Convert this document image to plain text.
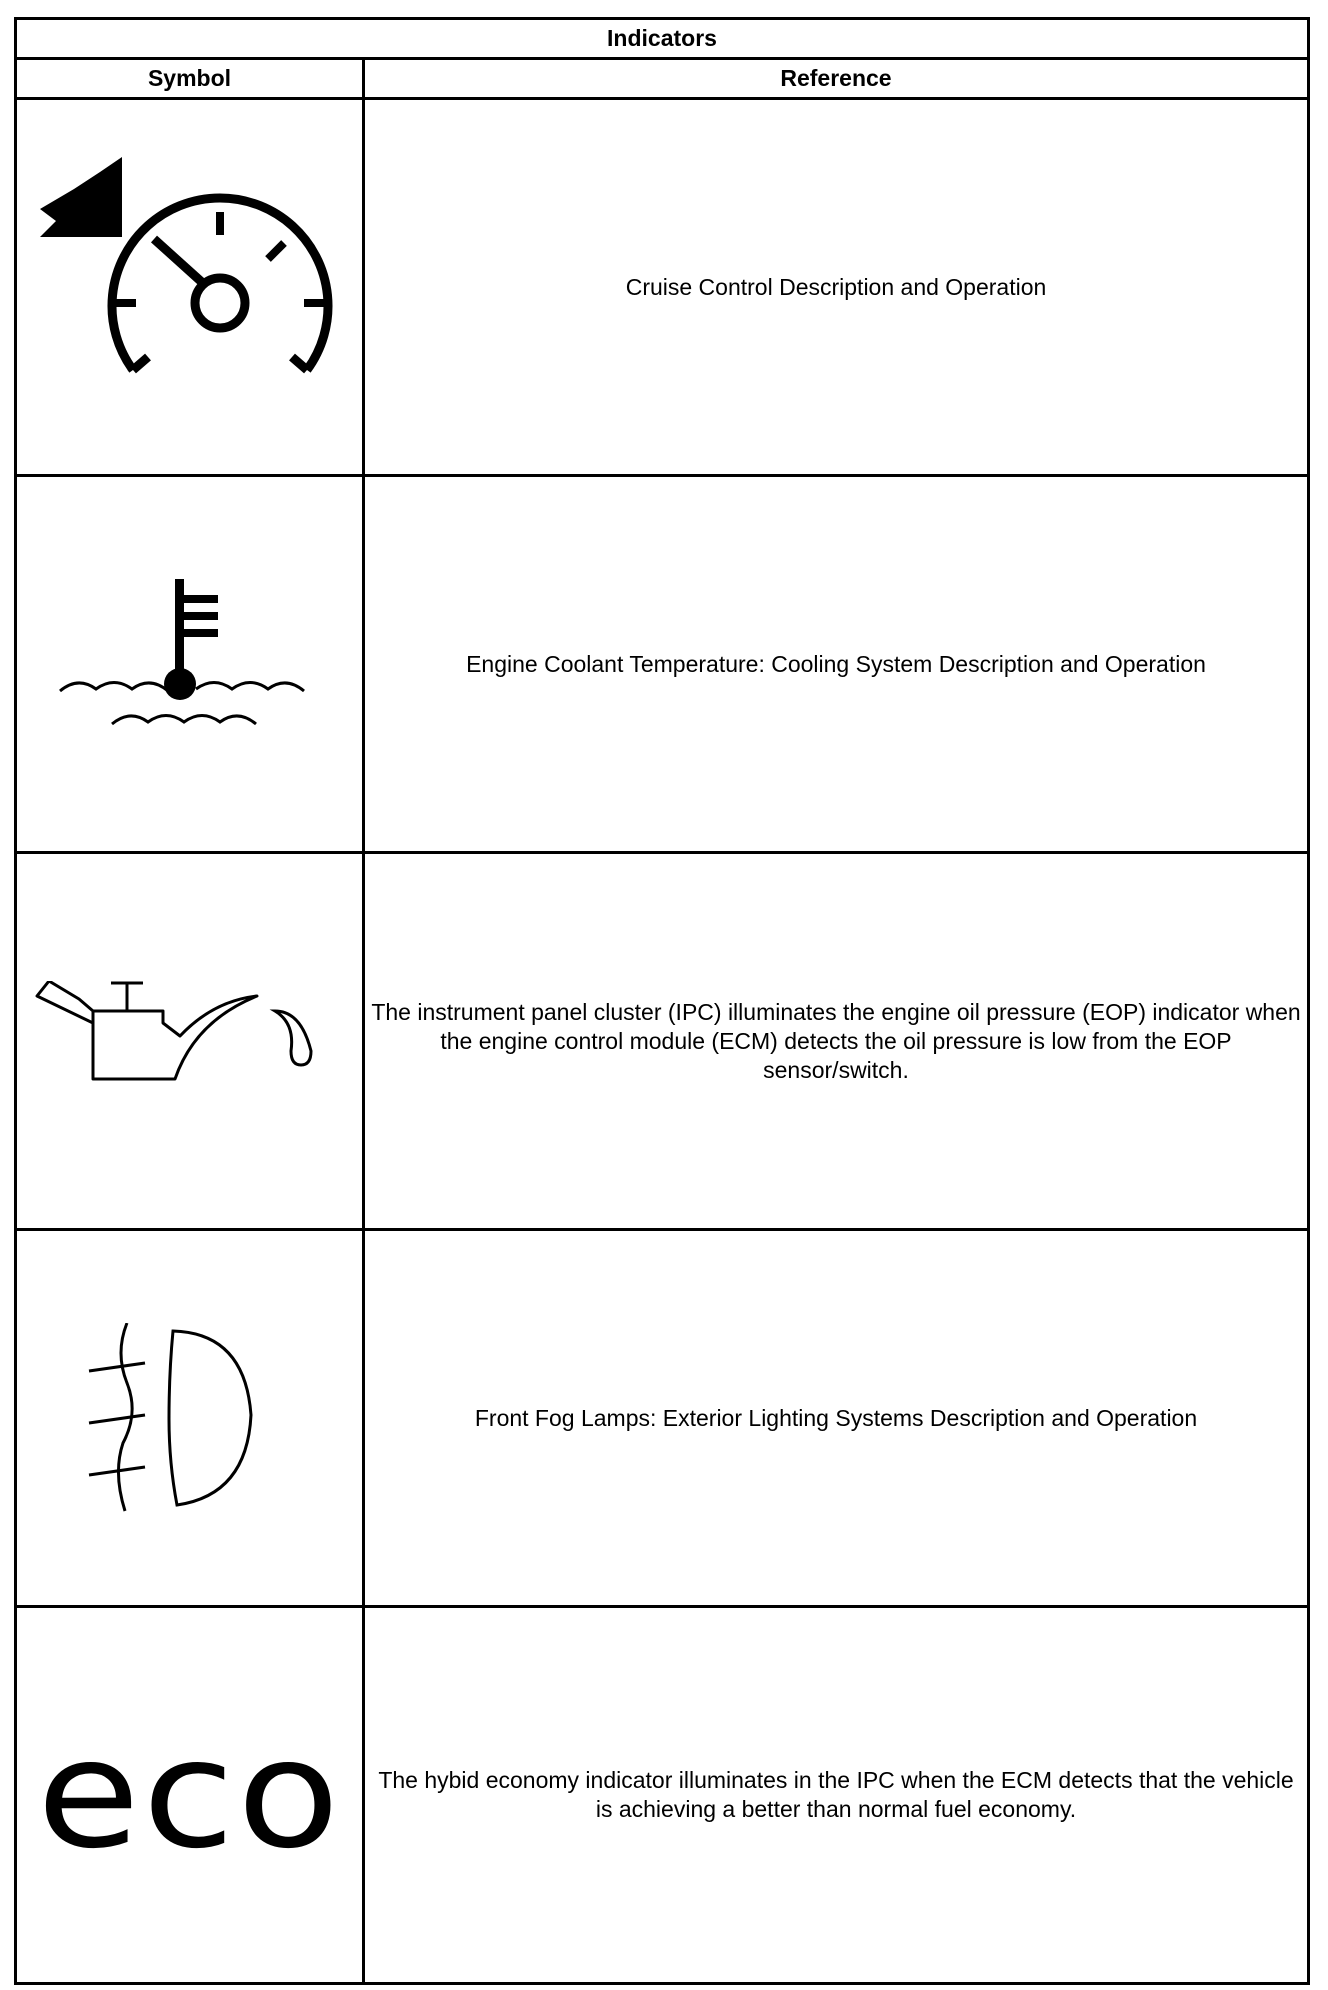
Indicators	
Symbol	Reference

	Cruise Control Description and Operation

	Engine Coolant Temperature: Cooling System Description and Operation

	The instrument panel cluster (IPC) illuminates the engine oil pressure (EOP) indicator when the engine control module (ECM) detects the oil pressure is low from the EOP sensor/switch.

	Front Fog Lamps: Exterior Lighting Systems Description and Operation
eco	The hybid economy indicator illuminates in the IPC when the ECM detects that the vehicle is achieving a better than normal fuel economy.
